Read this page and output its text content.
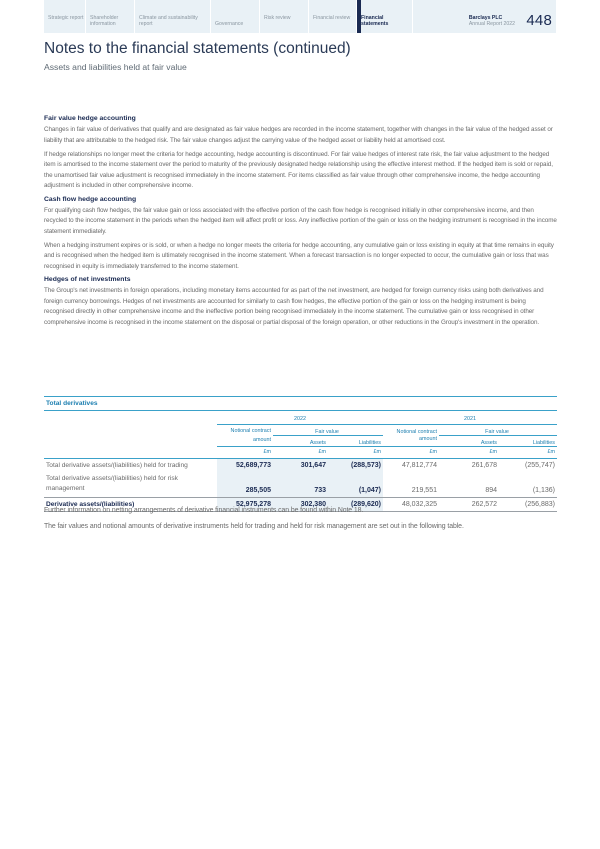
Strategic report	Shareholder information
Climate and sustainability report	Governance
Risk review	Financial review	Financial statements
Barclays PLC
Annual Report 2022 448
Notes to the financial statements (continued)
Assets and liabilities held at fair value
Fair value hedge accounting

Changes in fair value of derivatives that qualify and are designated as fair value hedges are recorded in the income statement, together with changes in the fair value of the hedged asset or liability that are attributable to the hedged risk. The fair value changes adjust the carrying value of the hedged asset or liability held at amortised cost.

If hedge relationships no longer meet the criteria for hedge accounting, hedge accounting is discontinued. For fair value hedges of interest rate risk, the fair value adjustment to the hedged item is amortised to the income statement over the period to maturity of the previously designated hedge relationship using the effective interest method. If the hedged item is sold or repaid, the unamortised fair value adjustment is recognised immediately in the income statement. For items classified as fair value through other comprehensive income, the hedge accounting adjustment is included in other comprehensive income.

Cash flow hedge accounting

For qualifying cash flow hedges, the fair value gain or loss associated with the effective portion of the cash flow hedge is recognised initially in other comprehensive income, and then recycled to the income statement in the periods when the hedged item will affect profit or loss. Any ineffective portion of the gain or loss on the hedging instrument is recognised in the income statement immediately.

When a hedging instrument expires or is sold, or when a hedge no longer meets the criteria for hedge accounting, any cumulative gain or loss existing in equity at that time remains in equity and is recognised when the hedged item is ultimately recognised in the income statement. When a forecast transaction is no longer expected to occur, the cumulative gain or loss that was recognised in equity is immediately transferred to the income statement.

Hedges of net investments

The Group's net investments in foreign operations, including monetary items accounted for as part of the net investment, are hedged for foreign currency risks using both derivatives and foreign currency borrowings. Hedges of net investments are accounted for similarly to cash flow hedges, the effective portion of the gain or loss on the hedging instrument is being recognised directly in other comprehensive income and the ineffective portion being recognised immediately in the income statement. The cumulative gain or loss recognised in other comprehensive income is recognised in the income statement on the disposal or partial disposal of the foreign operation, or other reductions in the Group's investment in the operation.

Total derivatives
	2022			2021		
	Notional contract amount	Fair value		Notional contract amount	Fair value	
		Assets	Liabilities		Assets	Liabilities
	£m	£m	£m	£m	£m	£m
Total derivative assets/(liabilities) held for trading	52,689,773	301,647	(288,573)	47,812,774	261,678	(255,747)
Total derivative assets/(liabilities) held for risk management	285,505	733	(1,047)	219,551	894	(1,136)
Derivative assets/(liabilities)	52,975,278	302,380	(289,620)	48,032,325	262,572	(256,883)

Further information on netting arrangements of derivative financial instruments can be found within Note 18.

The fair values and notional amounts of derivative instruments held for trading and held for risk management are set out in the following table.
